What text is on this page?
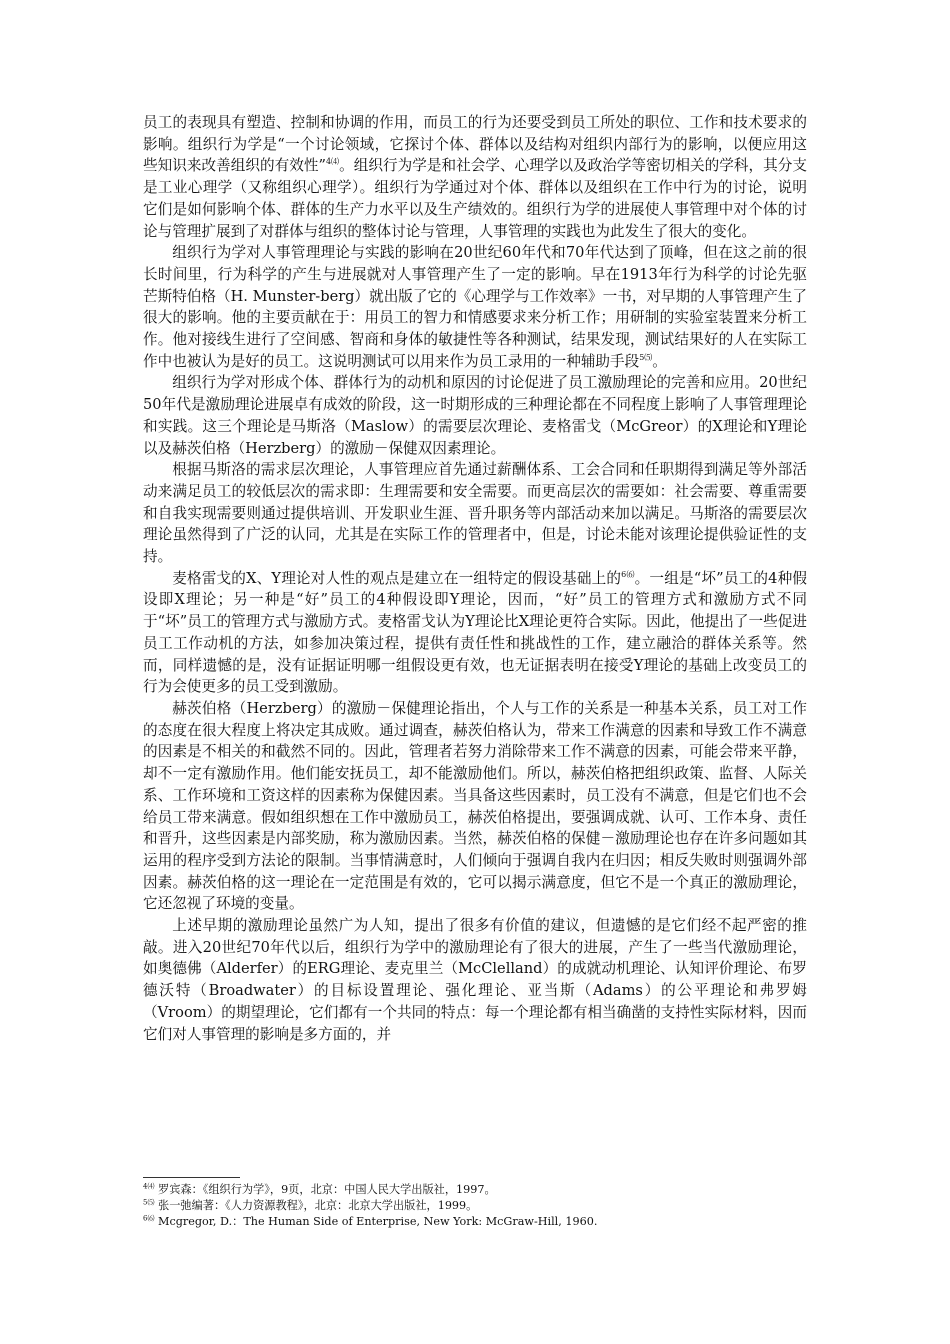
员工的表现具有塑造、控制和协调的作用，而员工的行为还要受到员工所处的职位、工作和技术要求的影响。组织行为学是“一个讨论领域，它探讨个体、群体以及结构对组织内部行为的影响，以便应用这些知识来改善组织的有效性”$^{4⑷}$。组织行为学是和社会学、心理学以及政治学等密切相关的学科，其分支是工业心理学（又称组织心理学）。组织行为学通过对个体、群体以及组织在工作中行为的讨论，说明它们是如何影响个体、群体的生产力水平以及生产绩效的。组织行为学的进展使人事管理中对个体的讨论与管理扩展到了对群体与组织的整体讨论与管理，人事管理的实践也为此发生了很大的变化。

组织行为学对人事管理理论与实践的影响在20世纪60年代和70年代达到了顶峰，但在这之前的很长时间里，行为科学的产生与进展就对人事管理产生了一定的影响。早在1913年行为科学的讨论先驱芒斯特伯格（H. Munster-berg）就出版了它的《心理学与工作效率》一书，对早期的人事管理产生了很大的影响。他的主要贡献在于：用员工的智力和情感要求来分析工作；用研制的实验室装置来分析工作。他对接线生进行了空间感、智商和身体的敏捷性等各种测试，结果发现，测试结果好的人在实际工作中也被认为是好的员工。这说明测试可以用来作为员工录用的一种辅助手段$^{5⑸}$。

组织行为学对形成个体、群体行为的动机和原因的讨论促进了员工激励理论的完善和应用。20世纪50年代是激励理论进展卓有成效的阶段，这一时期形成的三种理论都在不同程度上影响了人事管理理论和实践。这三个理论是马斯洛（Maslow）的需要层次理论、麦格雷戈（McGreor）的X理论和Y理论以及赫茨伯格（Herzberg）的激励－保健双因素理论。

根据马斯洛的需求层次理论，人事管理应首先通过薪酬体系、工会合同和任职期得到满足等外部活动来满足员工的较低层次的需求即：生理需要和安全需要。而更高层次的需要如：社会需要、尊重需要和自我实现需要则通过提供培训、开发职业生涯、晋升职务等内部活动来加以满足。马斯洛的需要层次理论虽然得到了广泛的认同，尤其是在实际工作的管理者中，但是，讨论未能对该理论提供验证性的支持。

麦格雷戈的X、Y理论对人性的观点是建立在一组特定的假设基础上的$^{6⑹}$。一组是“坏”员工的4种假设即X理论；另一种是“好”员工的4种假设即Y理论，因而，“好”员工的管理方式和激励方式不同于“坏”员工的管理方式与激励方式。麦格雷戈认为Y理论比X理论更符合实际。因此，他提出了一些促进员工工作动机的方法，如参加决策过程，提供有责任性和挑战性的工作，建立融洽的群体关系等。然而，同样遗憾的是，没有证据证明哪一组假设更有效，也无证据表明在接受Y理论的基础上改变员工的行为会使更多的员工受到激励。

赫茨伯格（Herzberg）的激励－保健理论指出，个人与工作的关系是一种基本关系，员工对工作的态度在很大程度上将决定其成败。通过调查，赫茨伯格认为，带来工作满意的因素和导致工作不满意的因素是不相关的和截然不同的。因此，管理者若努力消除带来工作不满意的因素，可能会带来平静，却不一定有激励作用。他们能安抚员工，却不能激励他们。所以，赫茨伯格把组织政策、监督、人际关系、工作环境和工资这样的因素称为保健因素。当具备这些因素时，员工没有不满意，但是它们也不会给员工带来满意。假如组织想在工作中激励员工，赫茨伯格提出，要强调成就、认可、工作本身、责任和晋升，这些因素是内部奖励，称为激励因素。当然，赫茨伯格的保健－激励理论也存在许多问题如其运用的程序受到方法论的限制。当事情满意时，人们倾向于强调自我内在归因；相反失败时则强调外部因素。赫茨伯格的这一理论在一定范围是有效的，它可以揭示满意度，但它不是一个真正的激励理论，它还忽视了环境的变量。

上述早期的激励理论虽然广为人知，提出了很多有价值的建议，但遗憾的是它们经不起严密的推敲。进入20世纪70年代以后，组织行为学中的激励理论有了很大的进展，产生了一些当代激励理论，如奥德佛（Alderfer）的ERG理论、麦克里兰（McClelland）的成就动机理论、认知评价理论、布罗德沃特（Broadwater）的目标设置理论、强化理论、亚当斯（Adams）的公平理论和弗罗姆（Vroom）的期望理论，它们都有一个共同的特点：每一个理论都有相当确凿的支持性实际材料，因而它们对人事管理的影响是多方面的，并

$^{4⑷}$ 罗宾森：《组织行为学》，9页，北京：中国人民大学出版社，1997。
$^{5⑸}$ 张一弛编著：《人力资源教程》，北京：北京大学出版社，1999。
$^{6⑹}$ Mcgregor, D.：The Human Side of Enterprise, New York: McGraw-Hill, 1960.
